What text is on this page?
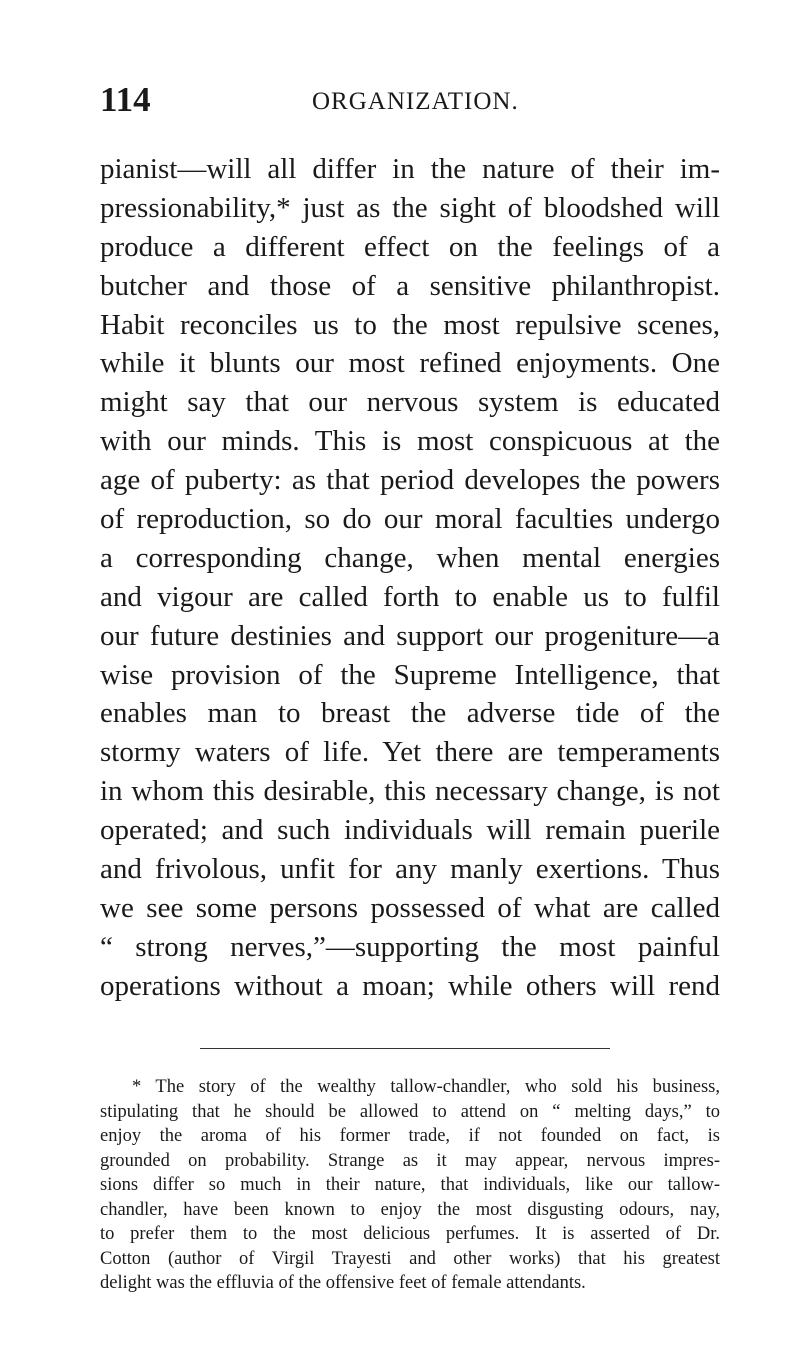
114	ORGANIZATION.
pianist—will all differ in the nature of their im-
pressionability,* just as the sight of bloodshed will
produce a different effect on the feelings of a
butcher and those of a sensitive philanthropist.
Habit reconciles us to the most repulsive scenes,
while it blunts our most refined enjoyments. One
might say that our nervous system is educated
with our minds. This is most conspicuous at the
age of puberty: as that period developes the powers
of reproduction, so do our moral faculties undergo
a corresponding change, when mental energies
and vigour are called forth to enable us to fulfil
our future destinies and support our progeniture—a
wise provision of the Supreme Intelligence, that
enables man to breast the adverse tide of the
stormy waters of life. Yet there are temperaments
in whom this desirable, this necessary change, is not
operated; and such individuals will remain puerile
and frivolous, unfit for any manly exertions. Thus
we see some persons possessed of what are called
“ strong nerves,”—supporting the most painful
operations without a moan; while others will rend
* The story of the wealthy tallow-chandler, who sold his business,
stipulating that he should be allowed to attend on “ melting days,” to
enjoy the aroma of his former trade, if not founded on fact, is
grounded on probability. Strange as it may appear, nervous impres-
sions differ so much in their nature, that individuals, like our tallow-
chandler, have been known to enjoy the most disgusting odours, nay,
to prefer them to the most delicious perfumes. It is asserted of Dr.
Cotton (author of Virgil Trayesti and other works) that his greatest
delight was the effluvia of the offensive feet of female attendants.
